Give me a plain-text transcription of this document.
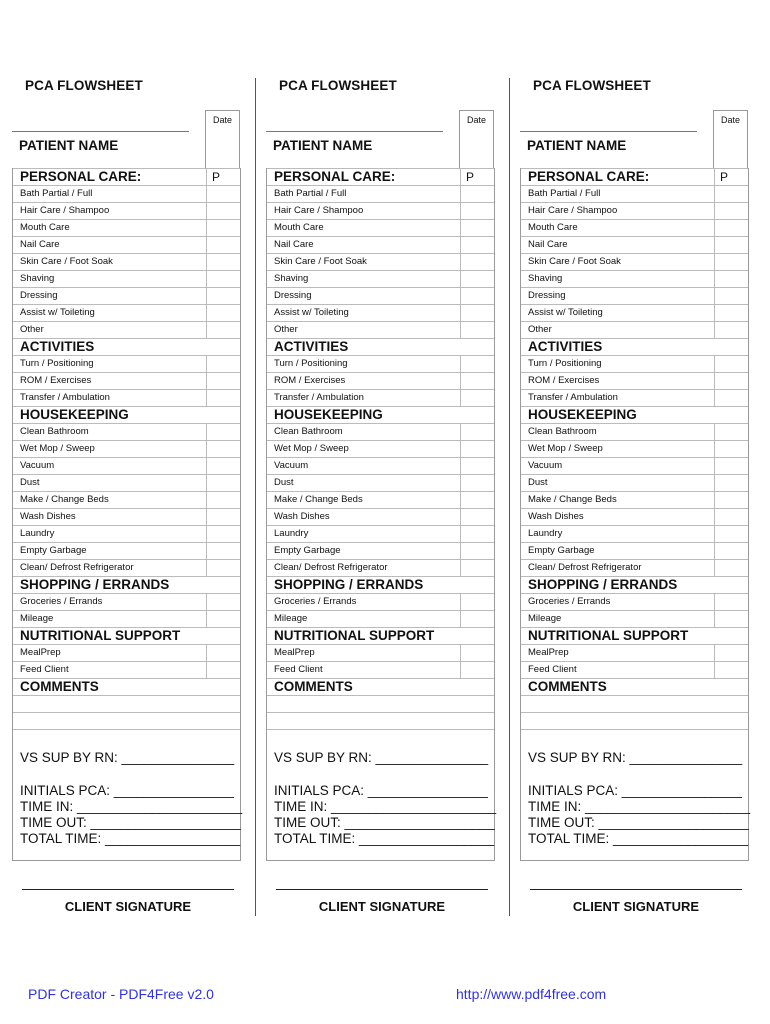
PCA FLOWSHEET
Date
PATIENT NAME
PERSONAL CARE:	P
Bath Partial / Full
Hair Care / Shampoo
Mouth Care
Nail Care
Skin Care / Foot Soak
Shaving
Dressing
Assist w/ Toileting
Other
ACTIVITIES
Turn / Positioning
ROM / Exercises
Transfer / Ambulation
HOUSEKEEPING
Clean Bathroom
Wet Mop / Sweep
Vacuum
Dust
Make / Change Beds
Wash Dishes
Laundry
Empty Garbage
Clean/ Defrost Refrigerator
SHOPPING / ERRANDS
Groceries / Errands
Mileage
NUTRITIONAL SUPPORT
MealPrep
Feed Client
COMMENTS
VS SUP BY RN: _______________
INITIALS PCA: ________________
TIME IN: ______________________
TIME OUT: ____________________
TOTAL TIME: __________________
CLIENT SIGNATURE
PCA FLOWSHEET
Date
PATIENT NAME
PERSONAL CARE:	P
Bath Partial / Full
Hair Care / Shampoo
Mouth Care
Nail Care
Skin Care / Foot Soak
Shaving
Dressing
Assist w/ Toileting
Other
ACTIVITIES
Turn / Positioning
ROM / Exercises
Transfer / Ambulation
HOUSEKEEPING
Clean Bathroom
Wet Mop / Sweep
Vacuum
Dust
Make / Change Beds
Wash Dishes
Laundry
Empty Garbage
Clean/ Defrost Refrigerator
SHOPPING / ERRANDS
Groceries / Errands
Mileage
NUTRITIONAL SUPPORT
MealPrep
Feed Client
COMMENTS
VS SUP BY RN: _______________
INITIALS PCA: ________________
TIME IN: ______________________
TIME OUT: ____________________
TOTAL TIME: __________________
CLIENT SIGNATURE
PCA FLOWSHEET
Date
PATIENT NAME
PERSONAL CARE:	P
Bath Partial / Full
Hair Care / Shampoo
Mouth Care
Nail Care
Skin Care / Foot Soak
Shaving
Dressing
Assist w/ Toileting
Other
ACTIVITIES
Turn / Positioning
ROM / Exercises
Transfer / Ambulation
HOUSEKEEPING
Clean Bathroom
Wet Mop / Sweep
Vacuum
Dust
Make / Change Beds
Wash Dishes
Laundry
Empty Garbage
Clean/ Defrost Refrigerator
SHOPPING / ERRANDS
Groceries / Errands
Mileage
NUTRITIONAL SUPPORT
MealPrep
Feed Client
COMMENTS
VS SUP BY RN: _______________
INITIALS PCA: ________________
TIME IN: ______________________
TIME OUT: ____________________
TOTAL TIME: __________________
CLIENT SIGNATURE
PDF Creator - PDF4Free v2.0	http://www.pdf4free.com
